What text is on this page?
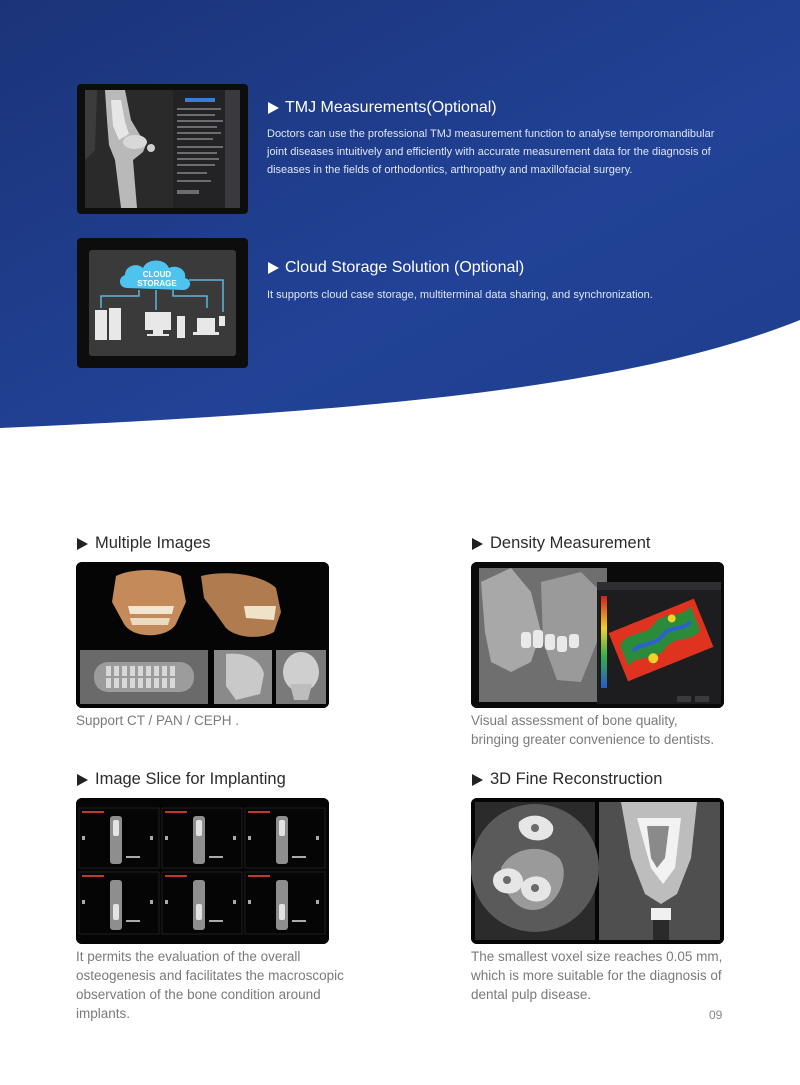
TMJ Measurements(Optional)
Doctors can use the professional TMJ measurement function to analyse temporomandibular joint diseases intuitively and efficiently with accurate measurement data for the diagnosis of diseases in the fields of orthodontics, arthropathy and maxillofacial surgery.
CLOUD
STORAGE
Cloud Storage Solution (Optional)
It supports cloud case storage, multiterminal data sharing, and synchronization.
Multiple Images
Support CT / PAN / CEPH .
Density Measurement
Visual assessment of bone quality, bringing greater convenience to dentists.
Image Slice for Implanting
It permits the evaluation of the overall osteogenesis and facilitates the macroscopic observation of the bone condition around implants.
3D Fine Reconstruction
The smallest voxel size reaches 0.05 mm, which is more suitable for the diagnosis of dental pulp disease.
09
